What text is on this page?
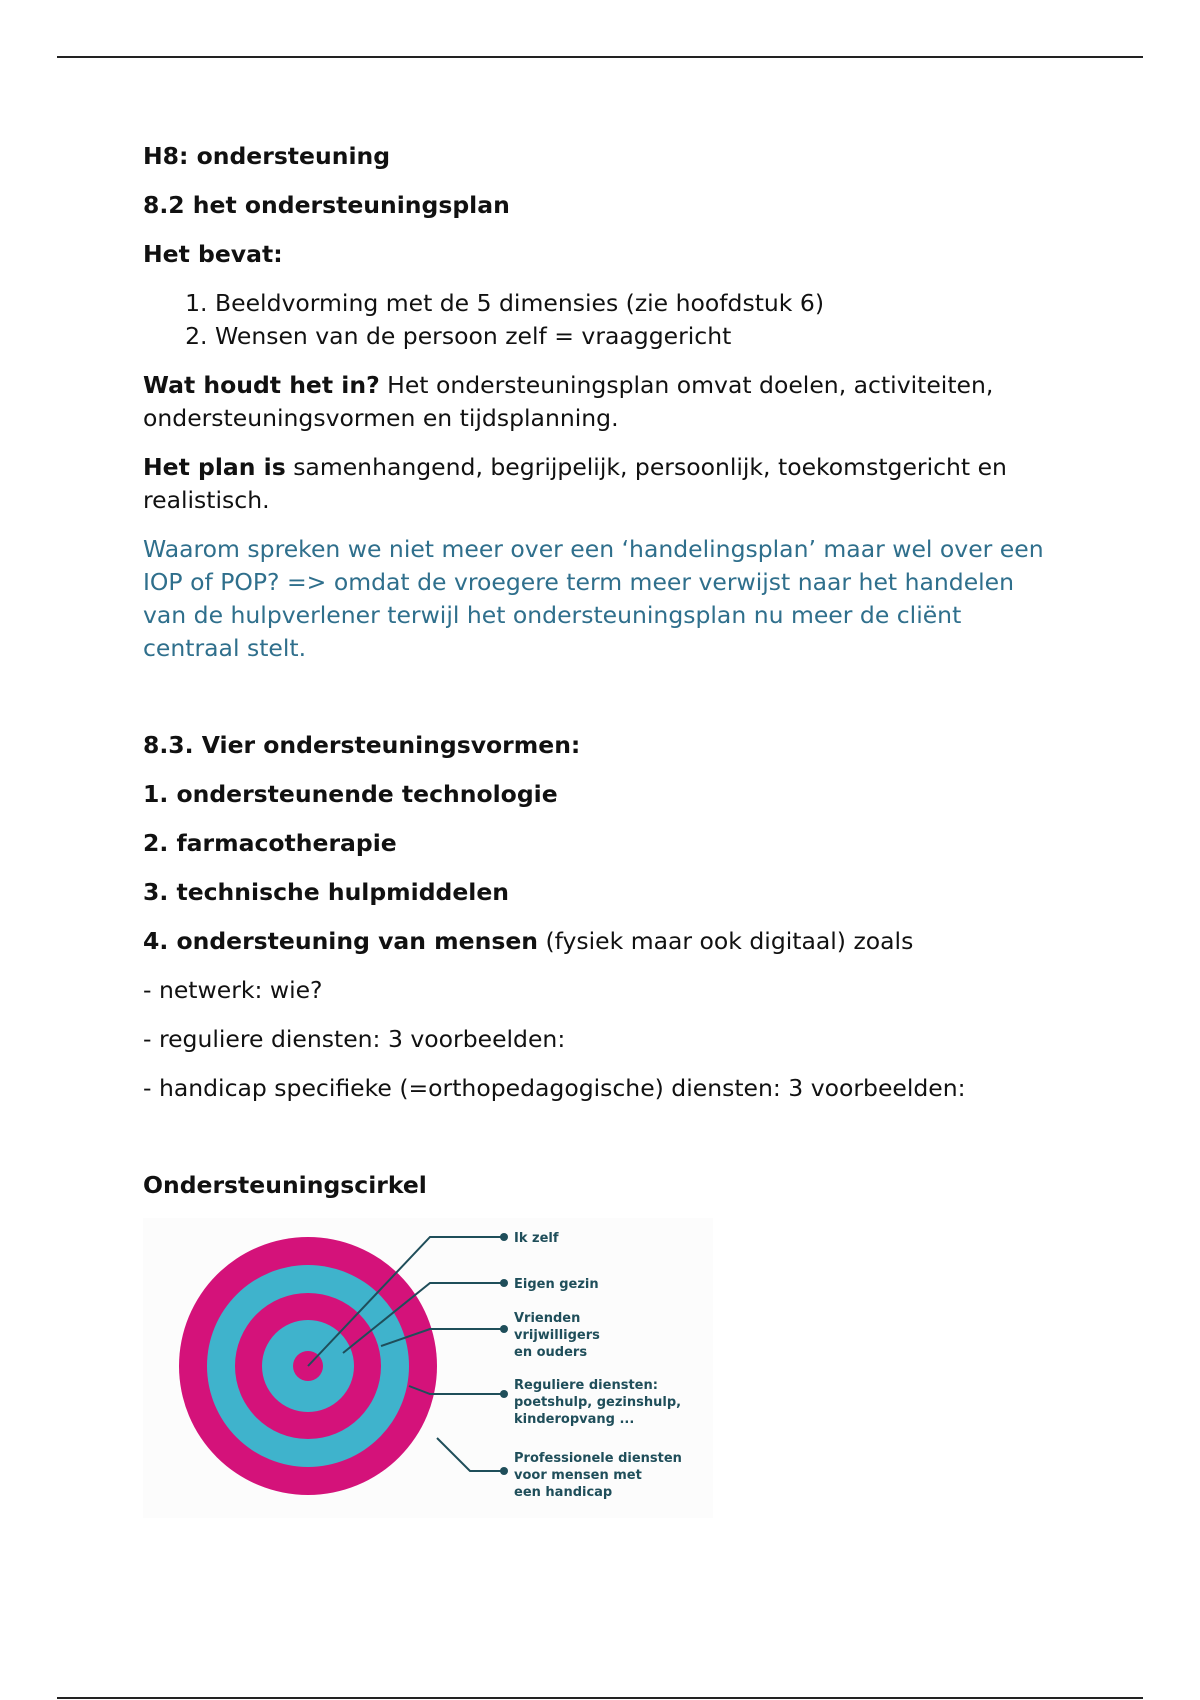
H8: ondersteuning

8.2 het ondersteuningsplan

Het bevat:

1. Beeldvorming met de 5 dimensies (zie hoofdstuk 6)
2. Wensen van de persoon zelf = vraaggericht

Wat houdt het in? Het ondersteuningsplan omvat doelen, activiteiten, ondersteuningsvormen en tijdsplanning.

Het plan is samenhangend, begrijpelijk, persoonlijk, toekomstgericht en realistisch.

Waarom spreken we niet meer over een ‘handelingsplan’ maar wel over een IOP of POP? => omdat de vroegere term meer verwijst naar het handelen van de hulpverlener terwijl het ondersteuningsplan nu meer de cliënt centraal stelt.

8.3. Vier ondersteuningsvormen:

1. ondersteunende technologie

2. farmacotherapie

3. technische hulpmiddelen

4. ondersteuning van mensen (fysiek maar ook digitaal) zoals

- netwerk: wie?

- reguliere diensten: 3 voorbeelden:

- handicap specifieke (=orthopedagogische) diensten: 3 voorbeelden:

Ondersteuningscirkel

Ik zelf
Eigen gezin
Vrienden
vrijwilligers
en ouders
Reguliere diensten:
poetshulp, gezinshulp,
kinderopvang ...
Professionele diensten
voor mensen met
een handicap
